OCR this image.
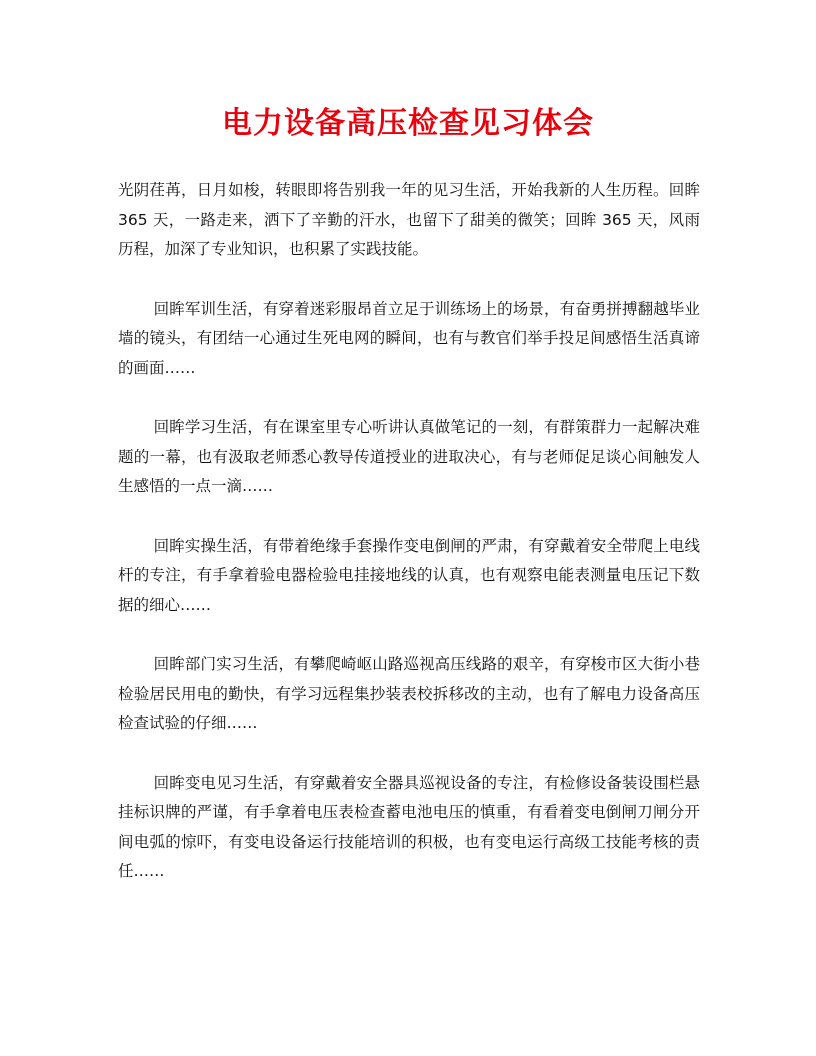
电力设备高压检查见习体会

光阴荏苒，日月如梭，转眼即将告别我一年的见习生活，开始我新的人生历程。回眸 365 天，一路走来，洒下了辛勤的汗水，也留下了甜美的微笑；回眸 365 天，风雨历程，加深了专业知识，也积累了实践技能。

回眸军训生活，有穿着迷彩服昂首立足于训练场上的场景，有奋勇拼搏翻越毕业墙的镜头，有团结一心通过生死电网的瞬间，也有与教官们举手投足间感悟生活真谛的画面……

回眸学习生活，有在课室里专心听讲认真做笔记的一刻，有群策群力一起解决难题的一幕，也有汲取老师悉心教导传道授业的进取决心，有与老师促足谈心间触发人生感悟的一点一滴……

回眸实操生活，有带着绝缘手套操作变电倒闸的严肃，有穿戴着安全带爬上电线杆的专注，有手拿着验电器检验电挂接地线的认真，也有观察电能表测量电压记下数据的细心……

回眸部门实习生活，有攀爬崎岖山路巡视高压线路的艰辛，有穿梭市区大街小巷检验居民用电的勤快，有学习远程集抄装表校拆移改的主动，也有了解电力设备高压检查试验的仔细……

回眸变电见习生活，有穿戴着安全器具巡视设备的专注，有检修设备装设围栏悬挂标识牌的严谨，有手拿着电压表检查蓄电池电压的慎重，有看着变电倒闸刀闸分开间电弧的惊吓，有变电设备运行技能培训的积极，也有变电运行高级工技能考核的责任……
